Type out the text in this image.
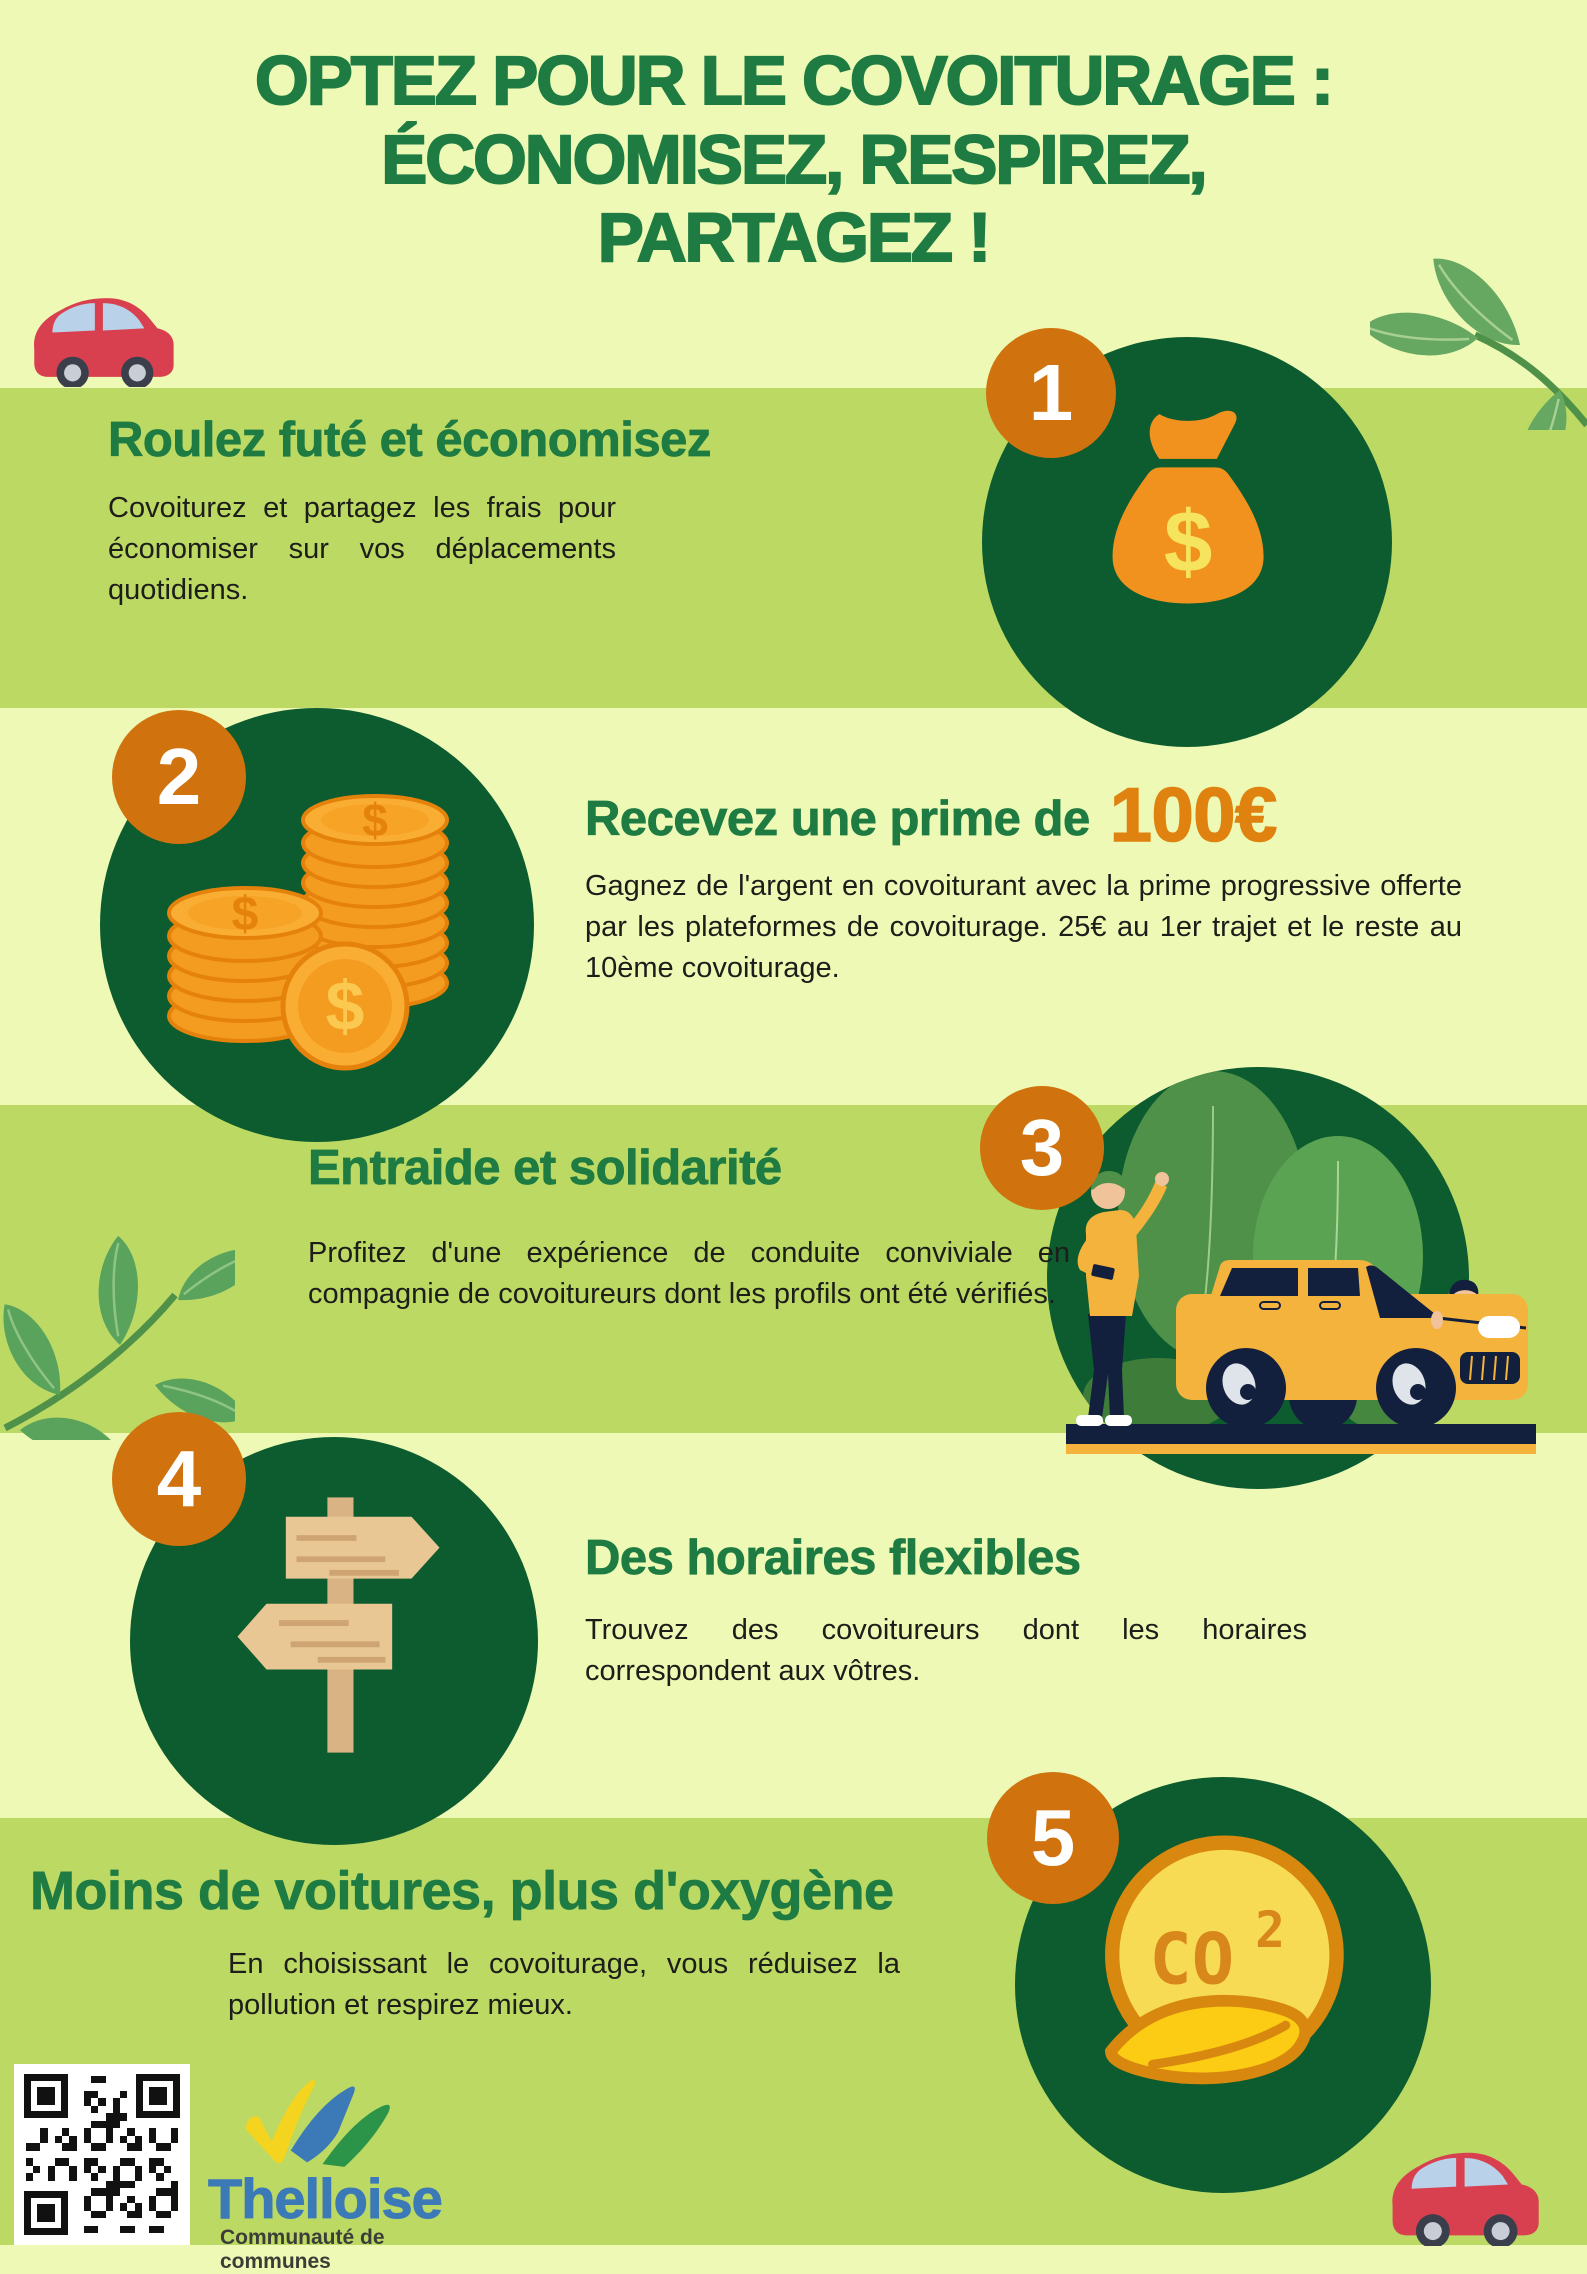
OPTEZ POUR LE COVOITURAGE :
ÉCONOMISEZ, RESPIREZ,
PARTAGEZ !
Roulez futé et économisez
Covoiturez et partagez les frais pour économiser sur vos déplacements quotidiens.	$
1
$
$
$
2	Recevez une prime de 100€
Gagnez de l'argent en covoiturant avec la prime progressive offerte par les plateformes de covoiturage. 25€ au 1er trajet et le reste au 10ème covoiturage.
Entraide et solidarité
Profitez d'une expérience de conduite conviviale en compagnie de covoitureurs dont les profils ont été vérifiés.
3
4
Des horaires flexibles
Trouvez des covoitureurs dont les horaires correspondent aux vôtres.
Moins de voitures, plus d'oxygène
En choisissant le covoiturage, vous réduisez la pollution et respirez mieux.
CO 2
5
Thelloise
Communauté de communes
